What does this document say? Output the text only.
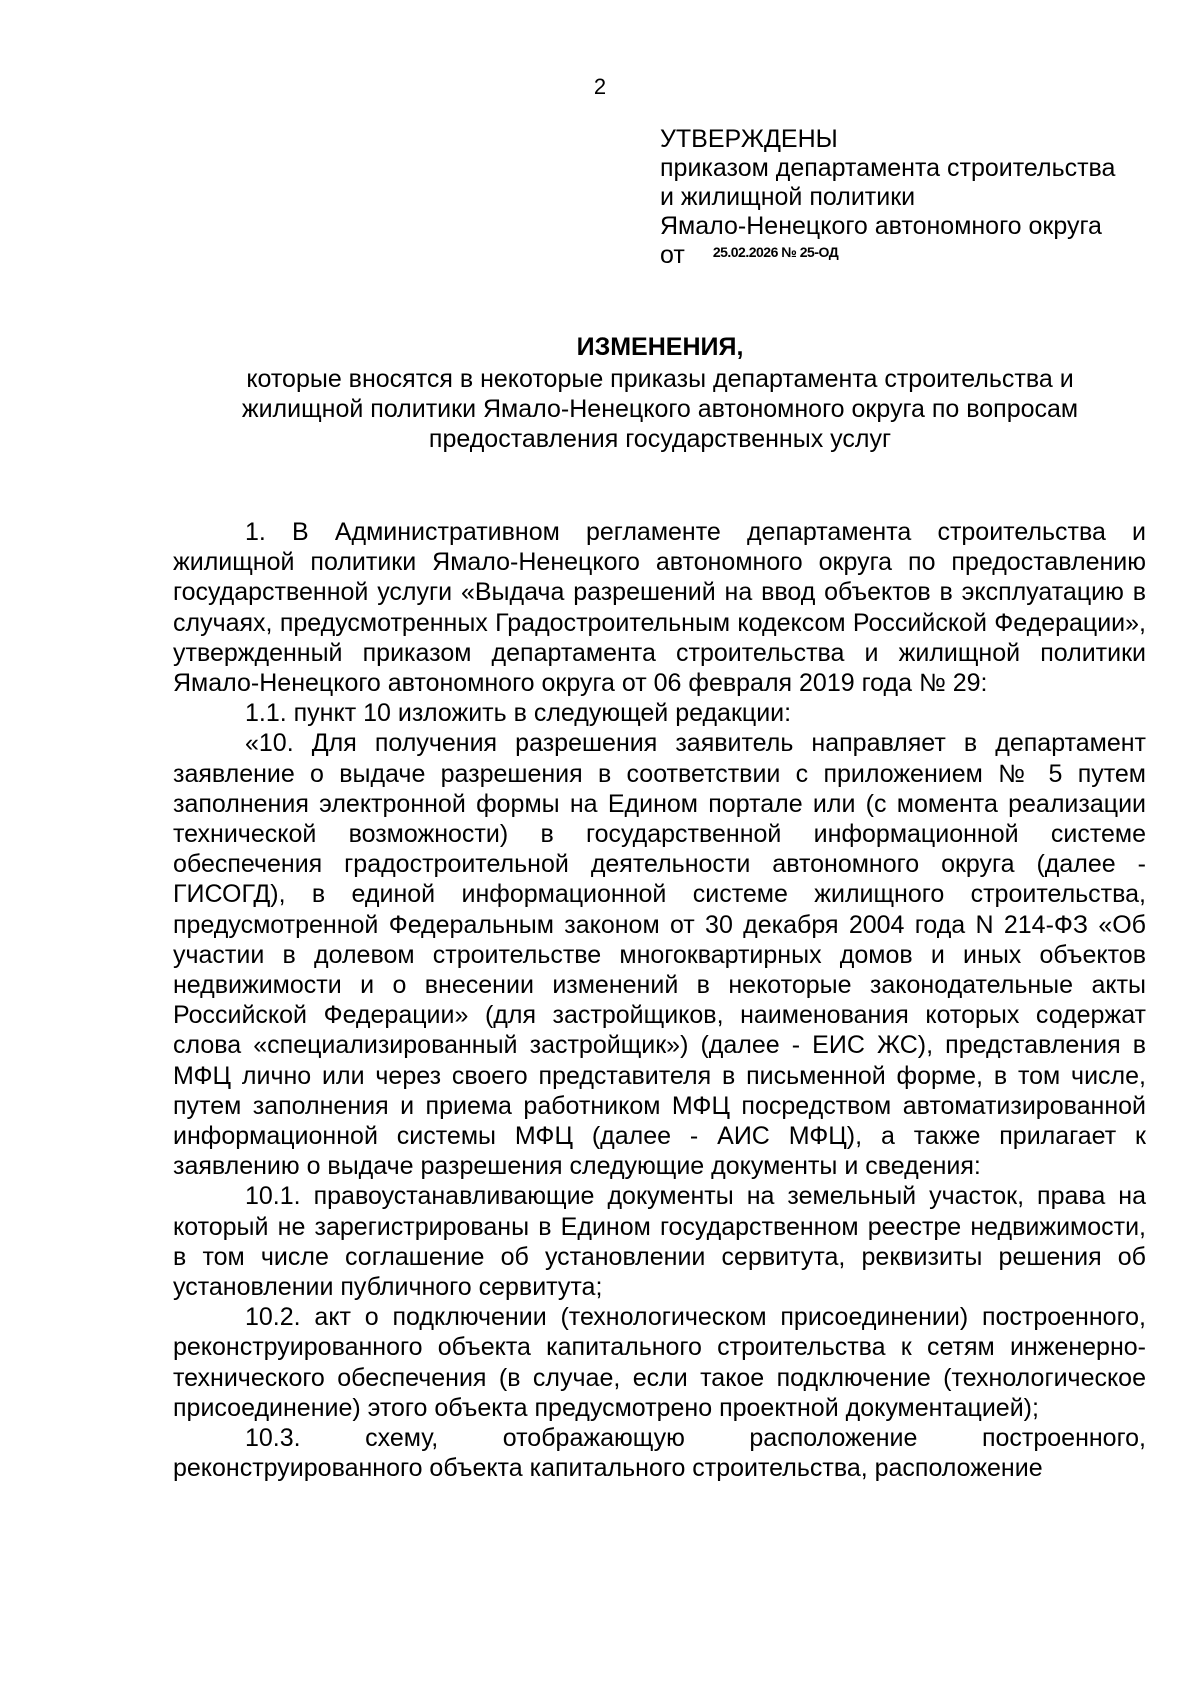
2
УТВЕРЖДЕНЫ
приказом департамента строительства
и жилищной политики
Ямало-Ненецкого автономного округа
от $^{25.02.2026 № 25-ОД}$
ИЗМЕНЕНИЯ,
которые вносятся в некоторые приказы департамента строительства и
жилищной политики Ямало-Ненецкого автономного округа по вопросам
предоставления государственных услуг

1. В Административном регламенте департамента строительства и жилищной политики Ямало-Ненецкого автономного округа по предоставлению государственной услуги «Выдача разрешений на ввод объектов в эксплуатацию в случаях, предусмотренных Градостроительным кодексом Российской Федерации», утвержденный приказом департамента строительства и жилищной политики Ямало-Ненецкого автономного округа от 06 февраля 2019 года № 29:

1.1. пункт 10 изложить в следующей редакции:

«10. Для получения разрешения заявитель направляет в департамент заявление о выдаче разрешения в соответствии с приложением № 5 путем заполнения электронной формы на Едином портале или (с момента реализации технической возможности) в государственной информационной системе обеспечения градостроительной деятельности автономного округа (далее - ГИСОГД), в единой информационной системе жилищного строительства, предусмотренной Федеральным законом от 30 декабря 2004 года N 214-ФЗ «Об участии в долевом строительстве многоквартирных домов и иных объектов недвижимости и о внесении изменений в некоторые законодательные акты Российской Федерации» (для застройщиков, наименования которых содержат слова «специализированный застройщик») (далее - ЕИС ЖС), представления в МФЦ лично или через своего представителя в письменной форме, в том числе, путем заполнения и приема работником МФЦ посредством автоматизированной информационной системы МФЦ (далее - АИС МФЦ), а также прилагает к заявлению о выдаче разрешения следующие документы и сведения:

10.1. правоустанавливающие документы на земельный участок, права на который не зарегистрированы в Едином государственном реестре недвижимости, в том числе соглашение об установлении сервитута, реквизиты решения об установлении публичного сервитута;

10.2. акт о подключении (технологическом присоединении) построенного, реконструированного объекта капитального строительства к сетям инженерно-технического обеспечения (в случае, если такое подключение (технологическое присоединение) этого объекта предусмотрено проектной документацией);

10.3. схему, отображающую расположение построенного, реконструированного объекта капитального строительства, расположение
